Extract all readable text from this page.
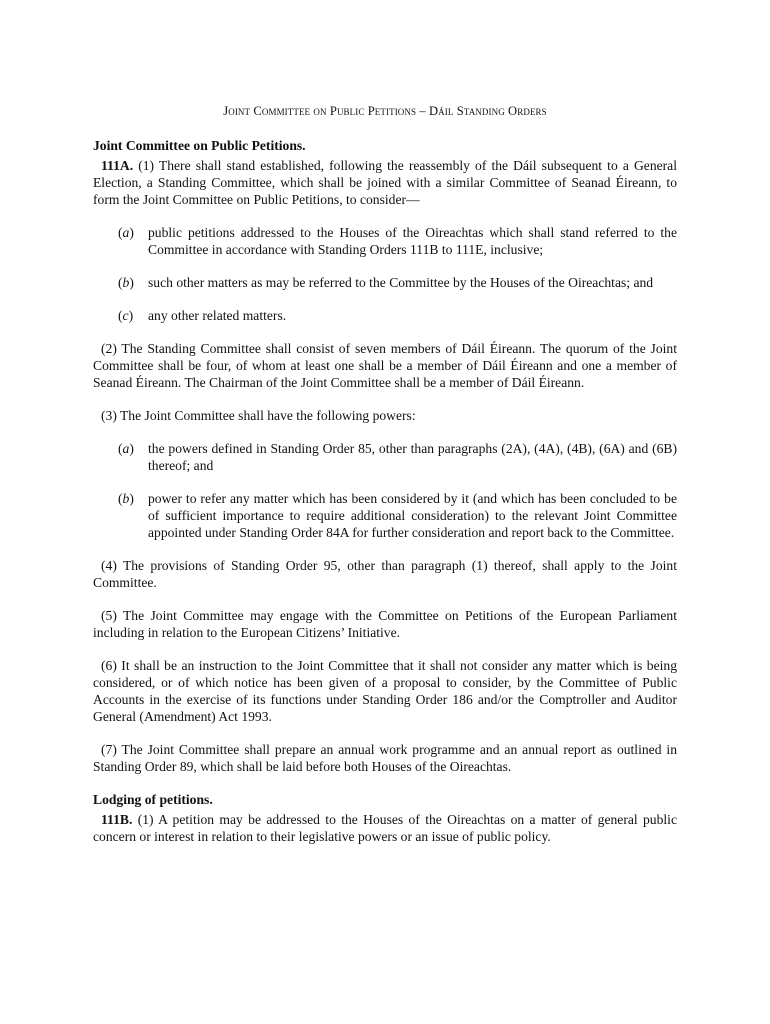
Joint Committee on Public Petitions – Dáil Standing Orders

Joint Committee on Public Petitions.

111A. (1) There shall stand established, following the reassembly of the Dáil subsequent to a General Election, a Standing Committee, which shall be joined with a similar Committee of Seanad Éireann, to form the Joint Committee on Public Petitions, to consider—

(a) public petitions addressed to the Houses of the Oireachtas which shall stand referred to the Committee in accordance with Standing Orders 111B to 111E, inclusive;
(b) such other matters as may be referred to the Committee by the Houses of the Oireachtas; and
(c) any other related matters.

(2) The Standing Committee shall consist of seven members of Dáil Éireann. The quorum of the Joint Committee shall be four, of whom at least one shall be a member of Dáil Éireann and one a member of Seanad Éireann. The Chairman of the Joint Committee shall be a member of Dáil Éireann.

(3) The Joint Committee shall have the following powers:

(a) the powers defined in Standing Order 85, other than paragraphs (2A), (4A), (4B), (6A) and (6B) thereof; and
(b) power to refer any matter which has been considered by it (and which has been concluded to be of sufficient importance to require additional consideration) to the relevant Joint Committee appointed under Standing Order 84A for further consideration and report back to the Committee.

(4) The provisions of Standing Order 95, other than paragraph (1) thereof, shall apply to the Joint Committee.

(5) The Joint Committee may engage with the Committee on Petitions of the European Parliament including in relation to the European Citizens’ Initiative.

(6) It shall be an instruction to the Joint Committee that it shall not consider any matter which is being considered, or of which notice has been given of a proposal to consider, by the Committee of Public Accounts in the exercise of its functions under Standing Order 186 and/or the Comptroller and Auditor General (Amendment) Act 1993.

(7) The Joint Committee shall prepare an annual work programme and an annual report as outlined in Standing Order 89, which shall be laid before both Houses of the Oireachtas.

Lodging of petitions.

111B. (1) A petition may be addressed to the Houses of the Oireachtas on a matter of general public concern or interest in relation to their legislative powers or an issue of public policy.
